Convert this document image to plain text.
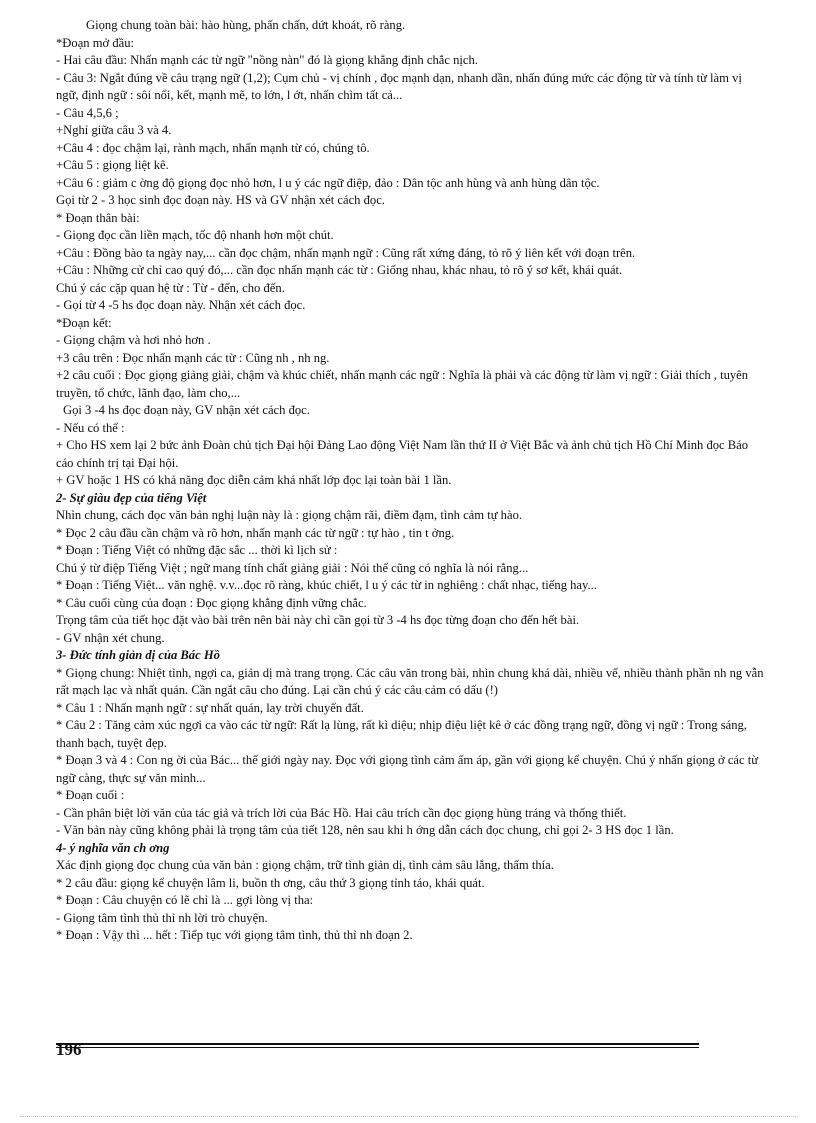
Giọng chung toàn bài: hào hùng, phấn chấn, dứt khoát, rõ ràng.
*Đoạn mở đầu:
- Hai câu đầu: Nhấn mạnh các từ ngữ "nồng nàn" đó là giọng khẳng định chắc nịch.
- Câu 3: Ngắt đúng về câu trạng ngữ (1,2); Cụm chủ - vị chính , đọc mạnh dạn, nhanh dần, nhấn đúng mức các động từ và tính từ làm vị ngữ, định ngữ : sôi nổi, kết, mạnh mẽ, to lớn, l ớt, nhấn chìm tất cả...
- Câu 4,5,6 ;
+Nghỉ giữa câu 3 và 4.
+Câu 4 : đọc chậm lại, rành mạch, nhấn mạnh từ có, chúng tô.
+Câu 5 : giọng liệt kê.
+Câu 6 : giảm c ờng độ giọng đọc nhỏ hơn, l u ý các ngữ điệp, đảo : Dân tộc anh hùng và anh hùng dân tộc.
Gọi từ 2 - 3 học sinh đọc đoạn này. HS và GV nhận xét cách đọc.
* Đoạn thân bài:
- Giọng đọc cần liền mạch, tốc độ nhanh hơn một chút.
+Câu : Đồng bào ta ngày nay,... cần đọc chậm, nhấn mạnh ngữ : Cũng rất xứng đáng, tỏ rõ ý liên kết với đoạn trên.
+Câu : Những cử chỉ cao quý đó,... cần đọc nhấn mạnh các từ : Giống nhau, khác nhau, tỏ rõ ý sơ kết, khái quát.
Chú ý các cặp quan hệ từ : Từ - đến, cho đến.
- Gọi từ 4 -5 hs đọc đoạn này. Nhận xét cách đọc.
*Đoạn kết:
- Giọng chậm và hơi nhỏ hơn .
+3 câu trên : Đọc nhấn mạnh các từ : Cũng nh , nh ng.
+2 câu cuối : Đọc giọng giảng giải, chậm và khúc chiết, nhấn mạnh các ngữ : Nghĩa là phải và các động từ làm vị ngữ : Giải thích , tuyên truyền, tổ chức, lãnh đạo, làm cho,...
Gọi 3 -4 hs đọc đoạn này, GV nhận xét cách đọc.
- Nếu có thể :
+ Cho HS xem lại 2 bức ảnh Đoàn chủ tịch Đại hội Đảng Lao động Việt Nam lần thứ II ở Việt Bắc và ảnh chủ tịch Hồ Chí Minh đọc Báo cáo chính trị tại Đại hội.
+ GV hoặc 1 HS có khả năng đọc diễn cảm khá nhất lớp đọc lại toàn bài 1 lần.
2- Sự giàu đẹp của tiếng Việt
Nhìn chung, cách đọc văn bản nghị luận này là : giọng chậm rãi, điềm đạm, tình cảm tự hào.
* Đọc 2 câu đầu cần chậm và rõ hơn, nhấn mạnh các từ ngữ : tự hào , tin t ởng.
* Đoạn : Tiếng Việt có những đặc sắc ... thời kì lịch sử :
Chú ý từ điệp Tiếng Việt ; ngữ mang tính chất giảng giải : Nói thế cũng có nghĩa là nói rằng...
* Đoạn : Tiếng Việt... văn nghệ. v.v...đọc rõ ràng, khúc chiết, l u ý các từ in nghiêng : chất nhạc, tiếng hay...
* Câu cuối cùng của đoạn : Đọc giọng khẳng định vững chắc.
Trọng tâm của tiết học đặt vào bài trên nên bài này chỉ cần gọi từ 3 -4 hs đọc từng đoạn cho đến hết bài.
- GV nhận xét chung.
3- Đức tính giản dị của Bác Hồ
* Giọng chung: Nhiệt tình, ngợi ca, giản dị mà trang trọng. Các câu văn trong bài, nhìn chung khá dài, nhiều vế, nhiều thành phần nh ng vẫn rất mạch lạc và nhất quán. Cần ngắt câu cho đúng. Lại cần chú ý các câu cảm có dấu (!)
* Câu 1 : Nhấn mạnh ngữ : sự nhất quán, lay trời chuyển đất.
* Câu 2 : Tăng cảm xúc ngợi ca vào các từ ngữ: Rất lạ lùng, rất kì diệu; nhịp điệu liệt kê ở các đồng trạng ngữ, đồng vị ngữ : Trong sáng, thanh bạch, tuyệt đẹp.
* Đoạn 3 và 4 : Con ng ời của Bác... thế giới ngày nay. Đọc với giọng tình cảm ấm áp, gần với giọng kể chuyện. Chú ý nhấn giọng ở các từ ngữ càng, thực sự văn minh...
* Đoạn cuối :
- Cần phân biệt lời văn của tác giả và trích lời của Bác Hồ. Hai câu trích cần đọc giọng hùng tráng và thống thiết.
- Văn bản này cũng không phải là trọng tâm của tiết 128, nên sau khi h ớng dẫn cách đọc chung, chỉ gọi 2- 3 HS đọc 1 lần.
4- ý nghĩa văn ch ơng
Xác định giọng đọc chung của văn bản : giọng chậm, trữ tình giản dị, tình cảm sâu lắng, thấm thía.
* 2 câu đầu: giọng kể chuyện lâm li, buồn th ơng, câu thứ 3 giọng tỉnh táo, khái quát.
* Đoạn : Câu chuyện có lẽ chỉ là ... gợi lòng vị tha:
- Giọng tâm tình thủ thỉ nh lời trò chuyện.
* Đoạn : Vậy thì ... hết : Tiếp tục với giọng tâm tình, thủ thỉ nh đoạn 2.
196
